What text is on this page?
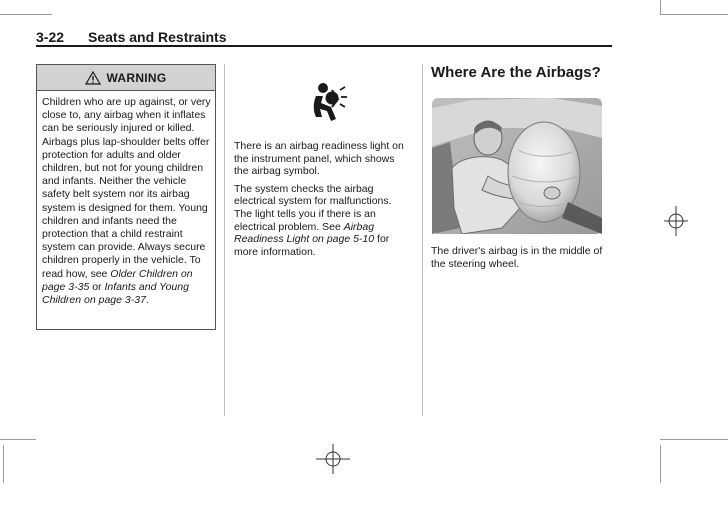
3-22 Seats and Restraints
WARNING
Children who are up against, or very close to, any airbag when it inflates can be seriously injured or killed. Airbags plus lap-shoulder belts offer protection for adults and older children, but not for young children and infants. Neither the vehicle safety belt system nor its airbag system is designed for them. Young children and infants need the protection that a child restraint system can provide. Always secure children properly in the vehicle. To read how, see Older Children on page 3-35 or Infants and Young Children on page 3-37.

There is an airbag readiness light on the instrument panel, which shows the airbag symbol.

The system checks the airbag electrical system for malfunctions. The light tells you if there is an electrical problem. See Airbag Readiness Light on page 5-10 for more information.

Where Are the Airbags?
The driver's airbag is in the middle of the steering wheel.
